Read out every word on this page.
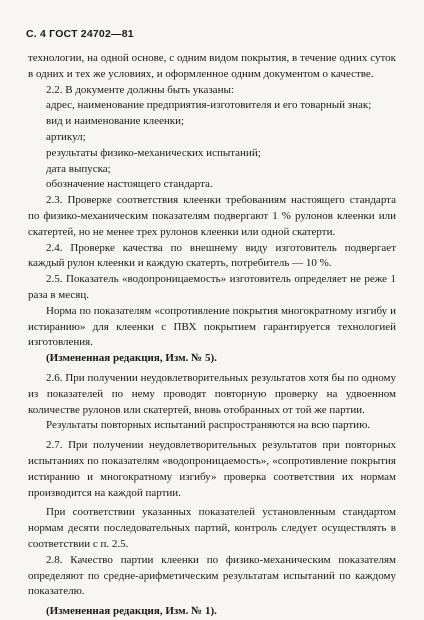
С. 4 ГОСТ 24702—81

технологии, на одной основе, с одним видом покрытия, в течение одних суток в одних и тех же условиях, и оформленное одним документом о качестве.

2.2. В документе должны быть указаны:

адрес, наименование предприятия-изготовителя и его товарный знак;
вид и наименование клеенки;
артикул;
результаты физико-механических испытаний;
дата выпуска;
обозначение настоящего стандарта.

2.3. Проверке соответствия клеенки требованиям настоящего стандарта по физико-механическим показателям подвергают 1 % рулонов клеенки или скатертей, но не менее трех рулонов клеенки или одной скатерти.

2.4. Проверке качества по внешнему виду изготовитель подвергает каждый рулон клеенки и каждую скатерть, потребитель — 10 %.

2.5. Показатель «водопроницаемость» изготовитель определяет не реже 1 раза в месяц.

Норма по показателям «сопротивление покрытия многократному изгибу и истиранию» для клеенки с ПВХ покрытием гарантируется технологией изготовления.

(Измененная редакция, Изм. № 5).

2.6. При получении неудовлетворительных результатов хотя бы по одному из показателей по нему проводят повторную проверку на удвоенном количестве рулонов или скатертей, вновь отобранных от той же партии.

Результаты повторных испытаний распространяются на всю партию.

2.7. При получении неудовлетворительных результатов при повторных испытаниях по показателям «водопроницаемость», «сопротивление покрытия истиранию и многократному изгибу» проверка соответствия их нормам производится на каждой партии.

При соответствии указанных показателей установленным стандартом нормам десяти последовательных партий, контроль следует осуществлять в соответствии с п. 2.5.

2.8. Качество партии клеенки по физико-механическим показателям определяют по средне-арифметическим результатам испытаний по каждому показателю.

(Измененная редакция, Изм. № 1).
